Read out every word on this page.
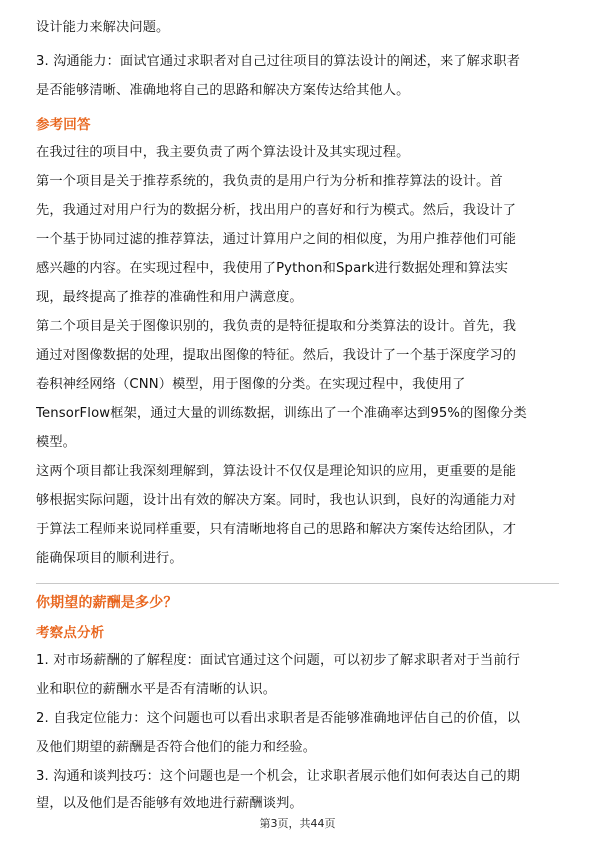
设计能力来解决问题。
3. 沟通能力：面试官通过求职者对自己过往项目的算法设计的阐述，来了解求职者
是否能够清晰、准确地将自己的思路和解决方案传达给其他人。
参考回答
在我过往的项目中，我主要负责了两个算法设计及其实现过程。
第一个项目是关于推荐系统的，我负责的是用户行为分析和推荐算法的设计。首
先，我通过对用户行为的数据分析，找出用户的喜好和行为模式。然后，我设计了
一个基于协同过滤的推荐算法，通过计算用户之间的相似度，为用户推荐他们可能
感兴趣的内容。在实现过程中，我使用了Python和Spark进行数据处理和算法实
现，最终提高了推荐的准确性和用户满意度。
第二个项目是关于图像识别的，我负责的是特征提取和分类算法的设计。首先，我
通过对图像数据的处理，提取出图像的特征。然后，我设计了一个基于深度学习的
卷积神经网络（CNN）模型，用于图像的分类。在实现过程中，我使用了
TensorFlow框架，通过大量的训练数据，训练出了一个准确率达到95%的图像分类
模型。
这两个项目都让我深刻理解到，算法设计不仅仅是理论知识的应用，更重要的是能
够根据实际问题，设计出有效的解决方案。同时，我也认识到，良好的沟通能力对
于算法工程师来说同样重要，只有清晰地将自己的思路和解决方案传达给团队，才
能确保项目的顺利进行。
你期望的薪酬是多少？
考察点分析
1. 对市场薪酬的了解程度：面试官通过这个问题，可以初步了解求职者对于当前行
业和职位的薪酬水平是否有清晰的认识。
2. 自我定位能力：这个问题也可以看出求职者是否能够准确地评估自己的价值，以
及他们期望的薪酬是否符合他们的能力和经验。
3. 沟通和谈判技巧：这个问题也是一个机会，让求职者展示他们如何表达自己的期
望，以及他们是否能够有效地进行薪酬谈判。
第3页，共44页
